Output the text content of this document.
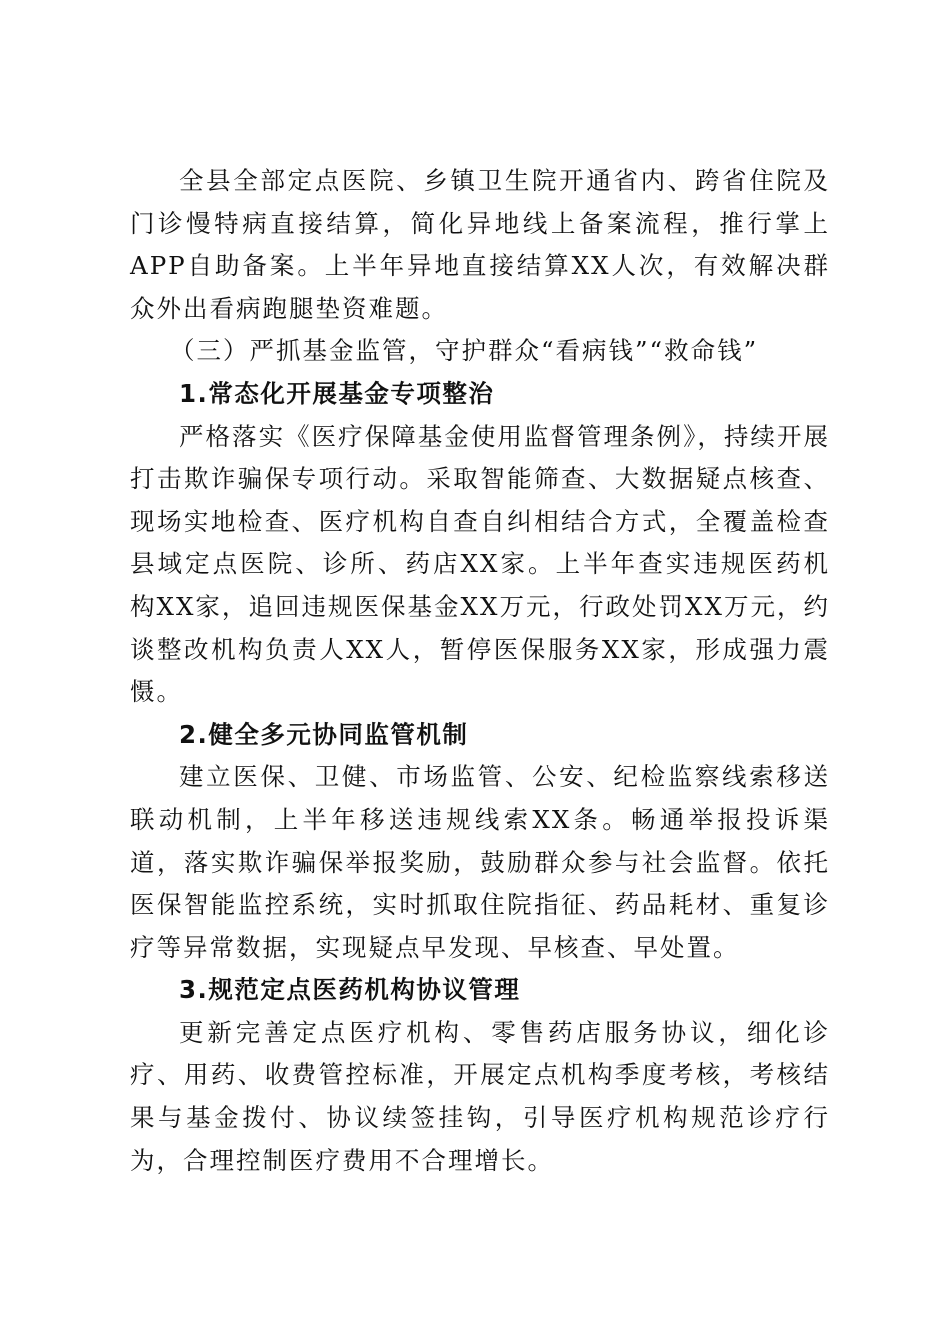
全县全部定点医院、乡镇卫生院开通省内、跨省住院及门诊慢特病直接结算，简化异地线上备案流程，推行掌上APP自助备案。上半年异地直接结算XX人次，有效解决群众外出看病跑腿垫资难题。

（三）严抓基金监管，守护群众“看病钱”“救命钱”

1.常态化开展基金专项整治

严格落实《医疗保障基金使用监督管理条例》，持续开展打击欺诈骗保专项行动。采取智能筛查、大数据疑点核查、现场实地检查、医疗机构自查自纠相结合方式，全覆盖检查县域定点医院、诊所、药店XX家。上半年查实违规医药机构XX家，追回违规医保基金XX万元，行政处罚XX万元，约谈整改机构负责人XX人，暂停医保服务XX家，形成强力震慑。

2.健全多元协同监管机制

建立医保、卫健、市场监管、公安、纪检监察线索移送联动机制，上半年移送违规线索XX条。畅通举报投诉渠道，落实欺诈骗保举报奖励，鼓励群众参与社会监督。依托医保智能监控系统，实时抓取住院指征、药品耗材、重复诊疗等异常数据，实现疑点早发现、早核查、早处置。

3.规范定点医药机构协议管理

更新完善定点医疗机构、零售药店服务协议，细化诊疗、用药、收费管控标准，开展定点机构季度考核，考核结果与基金拨付、协议续签挂钩，引导医疗机构规范诊疗行为，合理控制医疗费用不合理增长。
